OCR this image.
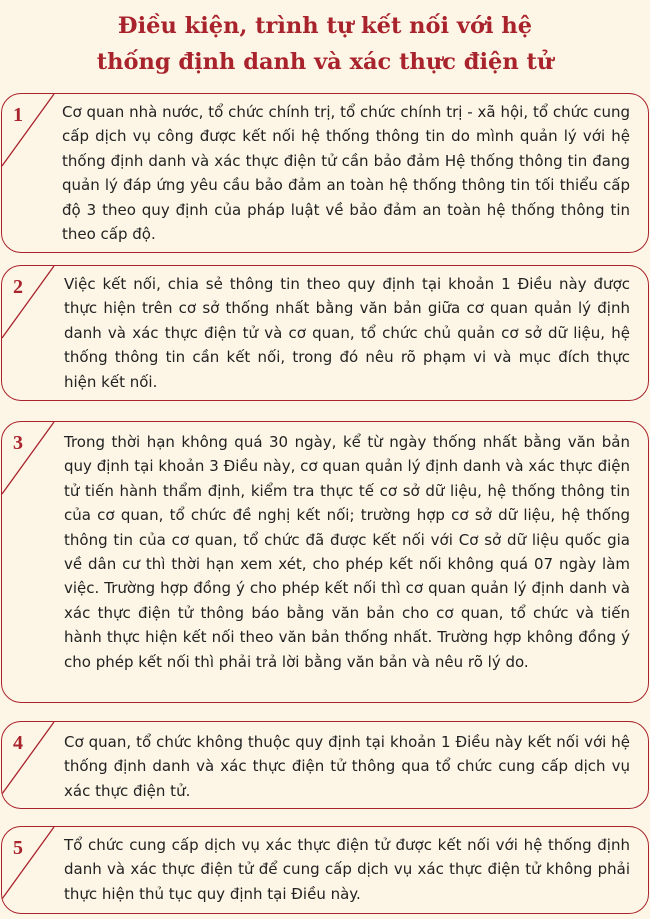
Điều kiện, trình tự kết nối với hệ
thống định danh và xác thực điện tử
1	Cơ quan nhà nước, tổ chức chính trị, tổ chức chính trị - xã hội, tổ chức cung cấp dịch vụ công được kết nối hệ thống thông tin do mình quản lý với hệ thống định danh và xác thực điện tử cần bảo đảm Hệ thống thông tin đang quản lý đáp ứng yêu cầu bảo đảm an toàn hệ thống thông tin tối thiểu cấp độ 3 theo quy định của pháp luật về bảo đảm an toàn hệ thống thông tin theo cấp độ.

2	Việc kết nối, chia sẻ thông tin theo quy định tại khoản 1 Điều này được thực hiện trên cơ sở thống nhất bằng văn bản giữa cơ quan quản lý định danh và xác thực điện tử và cơ quan, tổ chức chủ quản cơ sở dữ liệu, hệ thống thông tin cần kết nối, trong đó nêu rõ phạm vi và mục đích thực hiện kết nối.

3	Trong thời hạn không quá 30 ngày, kể từ ngày thống nhất bằng văn bản quy định tại khoản 3 Điều này, cơ quan quản lý định danh và xác thực điện tử tiến hành thẩm định, kiểm tra thực tế cơ sở dữ liệu, hệ thống thông tin của cơ quan, tổ chức đề nghị kết nối; trường hợp cơ sở dữ liệu, hệ thống thông tin của cơ quan, tổ chức đã được kết nối với Cơ sở dữ liệu quốc gia về dân cư thì thời hạn xem xét, cho phép kết nối không quá 07 ngày làm việc. Trường hợp đồng ý cho phép kết nối thì cơ quan quản lý định danh và xác thực điện tử thông báo bằng văn bản cho cơ quan, tổ chức và tiến hành thực hiện kết nối theo văn bản thống nhất. Trường hợp không đồng ý cho phép kết nối thì phải trả lời bằng văn bản và nêu rõ lý do.

4	Cơ quan, tổ chức không thuộc quy định tại khoản 1 Điều này kết nối với hệ thống định danh và xác thực điện tử thông qua tổ chức cung cấp dịch vụ xác thực điện tử.

5	Tổ chức cung cấp dịch vụ xác thực điện tử được kết nối với hệ thống định danh và xác thực điện tử để cung cấp dịch vụ xác thực điện tử không phải thực hiện thủ tục quy định tại Điều này.
